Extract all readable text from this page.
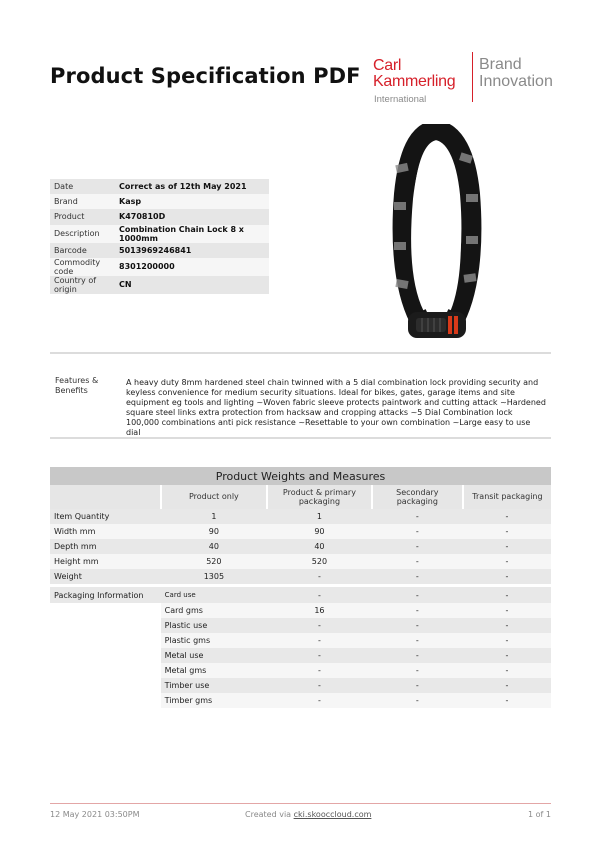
Product Specification PDF Carl
Kammerling
International
Brand
Innovation
Date	Correct as of 12th May 2021
Brand	Kasp
Product	K470810D
Description	Combination Chain Lock 8 x 1000mm
Barcode	5013969246841
Commodity code	8301200000
Country of origin	CN
Features & Benefits
A heavy duty 8mm hardened steel chain twinned with a 5 dial combination lock providing security and keyless convenience for medium security situations. Ideal for bikes, gates, garage items and site equipment eg tools and lighting ~Woven fabric sleeve protects paintwork and cutting attack ~Hardened square steel links extra protection from hacksaw and cropping attacks ~5 Dial Combination lock 100,000 combinations anti pick resistance ~Resettable to your own combination ~Large easy to use dial
Product Weights and Measures				
	Product only	Product & primary packaging	Secondary packaging	Transit packaging
Item Quantity	1	1	-	-
Width mm	90	90	-	-
Depth mm	40	40	-	-
Height mm	520	520	-	-
Weight	1305	-	-	-

Packaging Information	Card use	-	-	-
	Card gms	16	-	-
	Plastic use	-	-	-
	Plastic gms	-	-	-
	Metal use	-	-	-
	Metal gms	-	-	-
	Timber use	-	-	-
	Timber gms	-	-	-
12 May 2021 03:50PM	Created via cki.skooccloud.com	1 of 1
